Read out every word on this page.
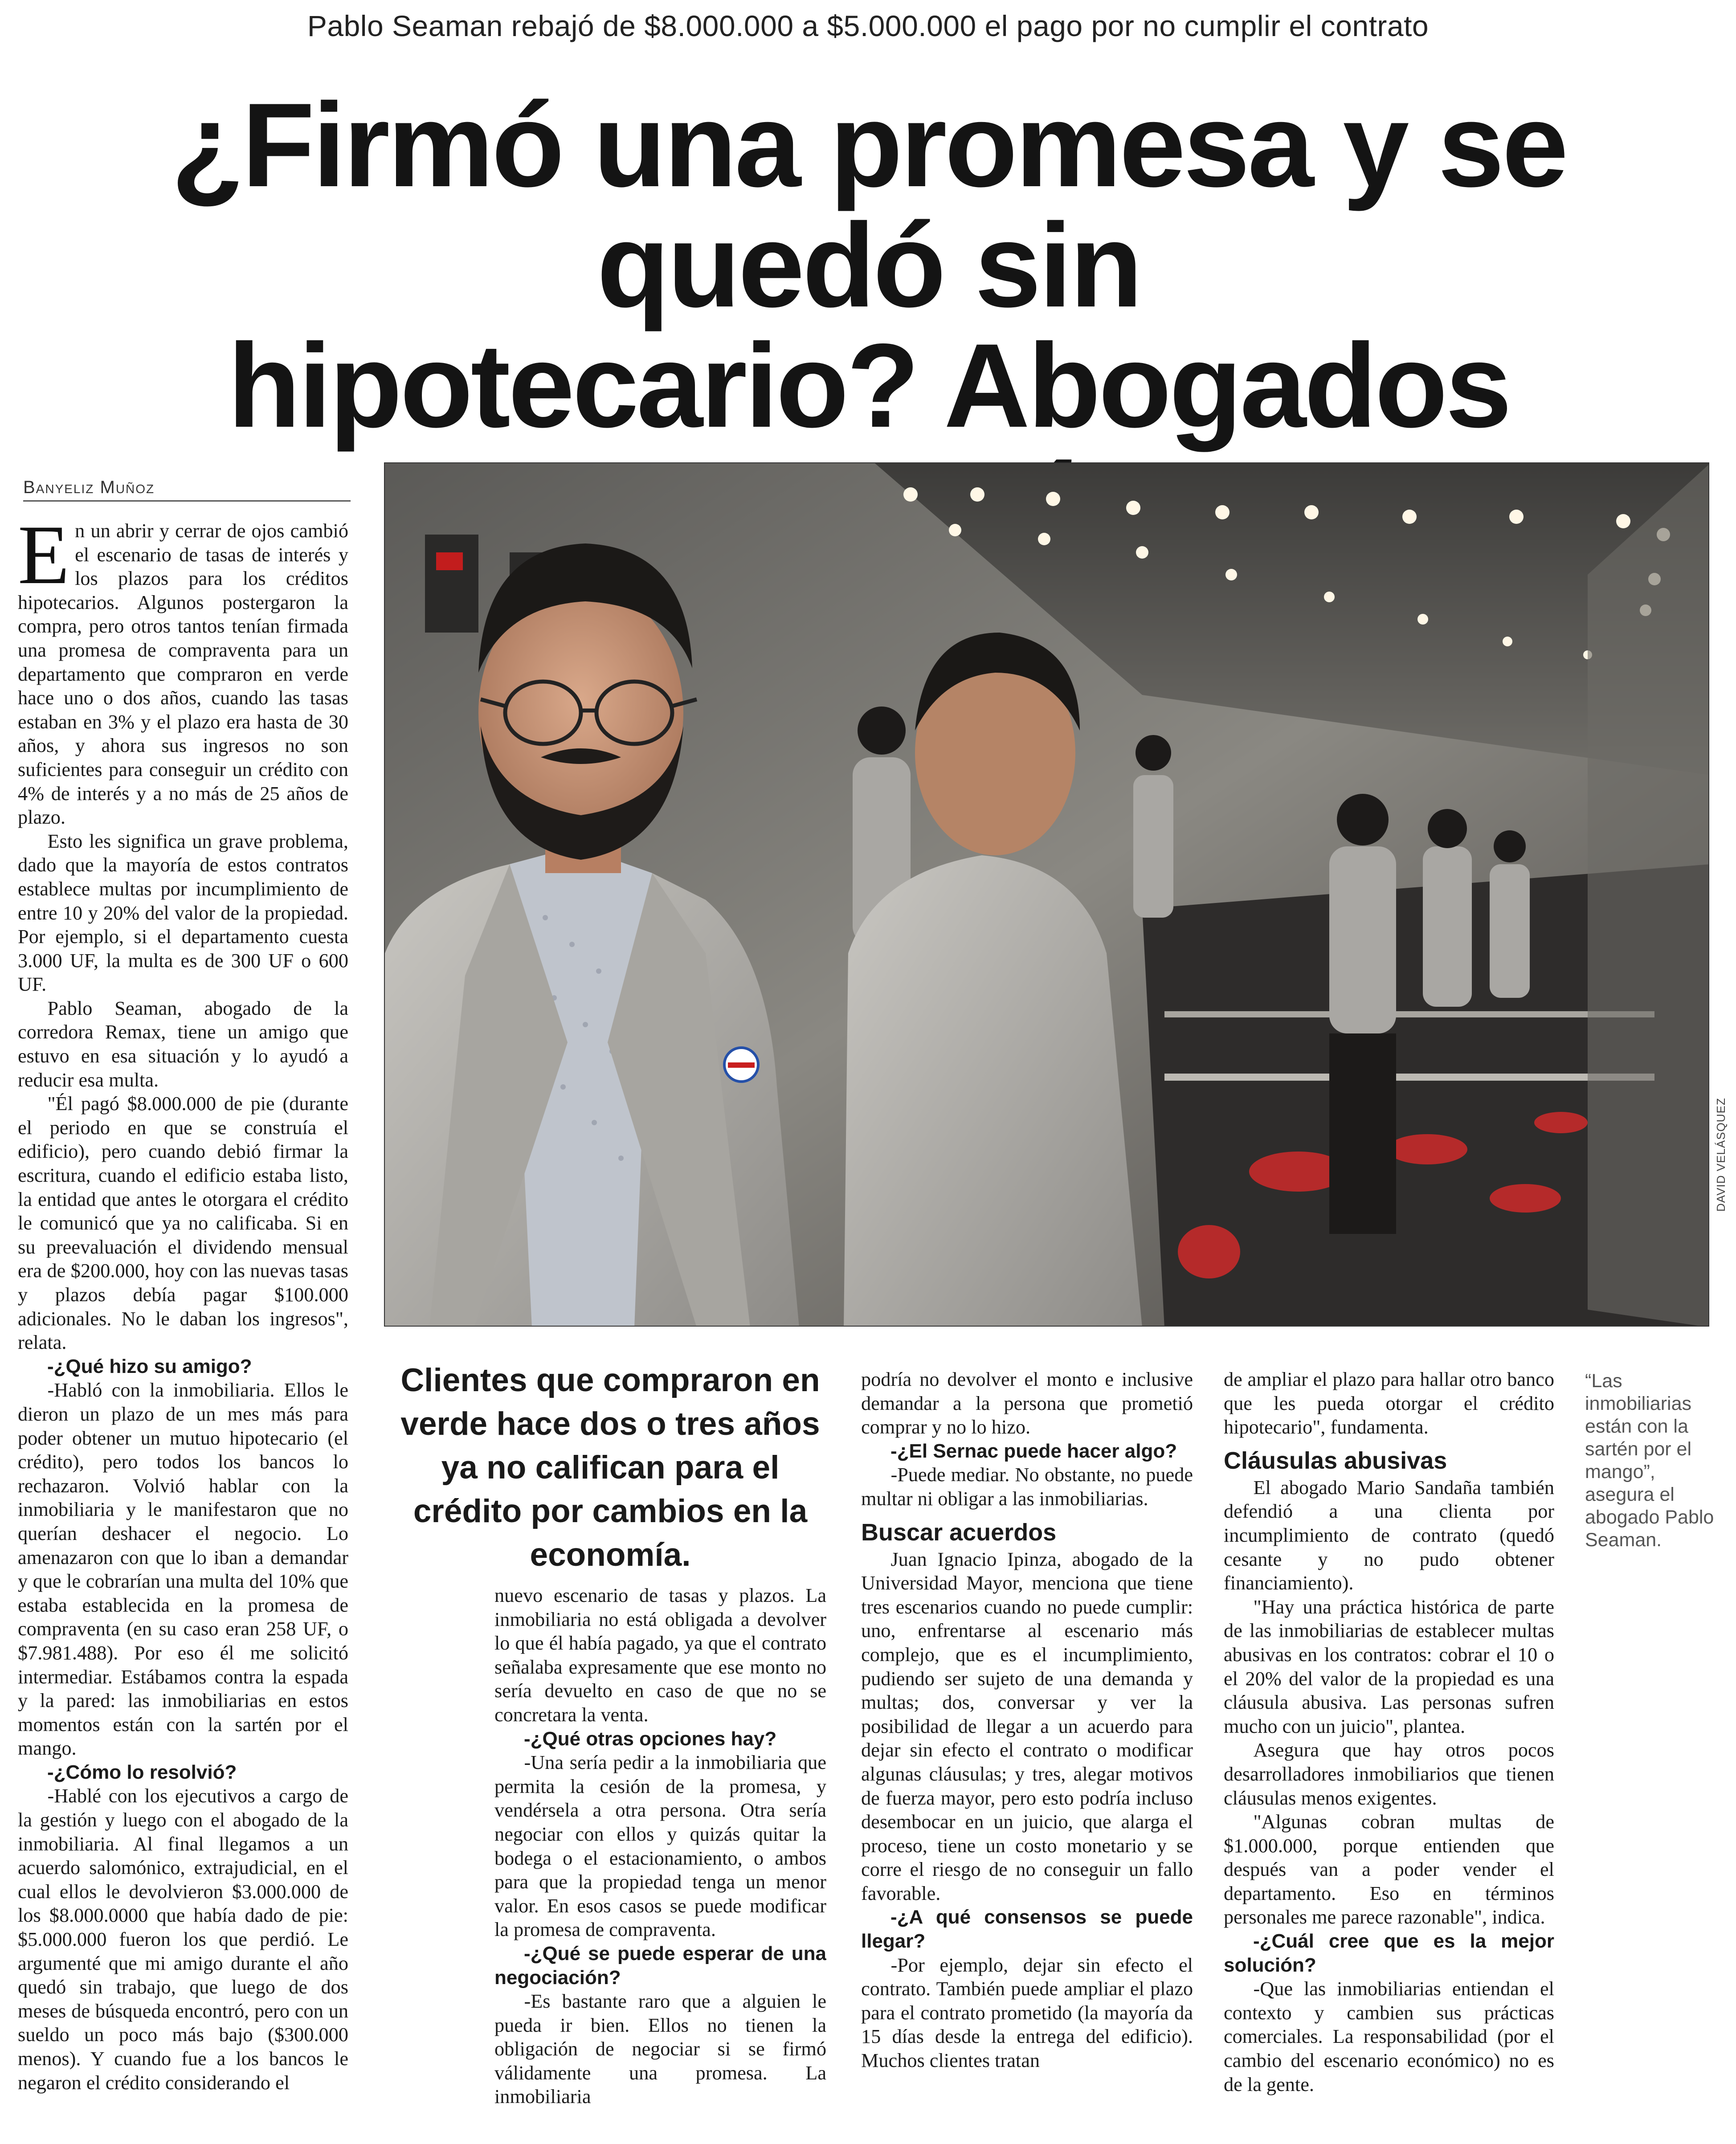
Pablo Seaman rebajó de $8.000.000 a $5.000.000 el pago por no cumplir el contrato
¿Firmó una promesa y se quedó sin
hipotecario? Abogados
Banyeliz Muñoz
DAVID VELÁSQUEZ

En un abrir y cerrar de ojos cambió el escenario de tasas de interés y los plazos para los créditos hipotecarios. Algunos postergaron la compra, pero otros tantos tenían firmada una promesa de compraventa para un departamento que compraron en verde hace uno o dos años, cuando las tasas estaban en 3% y el plazo era hasta de 30 años, y ahora sus ingresos no son suficientes para conseguir un crédito con 4% de interés y a no más de 25 años de plazo.

Esto les significa un grave problema, dado que la mayoría de estos contratos establece multas por incumplimiento de entre 10 y 20% del valor de la propiedad. Por ejemplo, si el departamento cuesta 3.000 UF, la multa es de 300 UF o 600 UF.

Pablo Seaman, abogado de la corredora Remax, tiene un amigo que estuvo en esa situación y lo ayudó a reducir esa multa.

"Él pagó $8.000.000 de pie (durante el periodo en que se construía el edificio), pero cuando debió firmar la escritura, cuando el edificio estaba listo, la entidad que antes le otorgara el crédito le comunicó que ya no calificaba. Si en su preevaluación el dividendo mensual era de $200.000, hoy con las nuevas tasas y plazos debía pagar $100.000 adicionales. No le daban los ingresos", relata.

-¿Qué hizo su amigo?

-Habló con la inmobiliaria. Ellos le dieron un plazo de un mes más para poder obtener un mutuo hipotecario (el crédito), pero todos los bancos lo rechazaron. Volvió hablar con la inmobiliaria y le manifestaron que no querían deshacer el negocio. Lo amenazaron con que lo iban a demandar y que le cobrarían una multa del 10% que estaba establecida en la promesa de compraventa (en su caso eran 258 UF, o $7.981.488). Por eso él me solicitó intermediar. Estábamos contra la espada y la pared: las inmobiliarias en estos momentos están con la sartén por el mango.

-¿Cómo lo resolvió?

-Hablé con los ejecutivos a cargo de la gestión y luego con el abogado de la inmobiliaria. Al final llegamos a un acuerdo salomónico, extrajudicial, en el cual ellos le devolvieron $3.000.000 de los $8.000.0000 que había dado de pie: $5.000.000 fueron los que perdió. Le argumenté que mi amigo durante el año quedó sin trabajo, que luego de dos meses de búsqueda encontró, pero con un sueldo un poco más bajo ($300.000 menos). Y cuando fue a los bancos le negaron el crédito considerando el

Clientes que compraron en verde hace dos o tres años ya no califican para el crédito por cambios en la economía.

nuevo escenario de tasas y plazos. La inmobiliaria no está obligada a devolver lo que él había pagado, ya que el contrato señalaba expresamente que ese monto no sería devuelto en caso de que no se concretara la venta.

-¿Qué otras opciones hay?

-Una sería pedir a la inmobiliaria que permita la cesión de la promesa, y vendérsela a otra persona. Otra sería negociar con ellos y quizás quitar la bodega o el estacionamiento, o ambos para que la propiedad tenga un menor valor. En esos casos se puede modificar la promesa de compraventa.

-¿Qué se puede esperar de una negociación?

-Es bastante raro que a alguien le pueda ir bien. Ellos no tienen la obligación de negociar si se firmó válidamente una promesa. La inmobiliaria

podría no devolver el monto e inclusive demandar a la persona que prometió comprar y no lo hizo.

-¿El Sernac puede hacer algo?

-Puede mediar. No obstante, no puede multar ni obligar a las inmobiliarias.

Buscar acuerdos

Juan Ignacio Ipinza, abogado de la Universidad Mayor, menciona que tiene tres escenarios cuando no puede cumplir: uno, enfrentarse al escenario más complejo, que es el incumplimiento, pudiendo ser sujeto de una demanda y multas; dos, conversar y ver la posibilidad de llegar a un acuerdo para dejar sin efecto el contrato o modificar algunas cláusulas; y tres, alegar motivos de fuerza mayor, pero esto podría incluso desembocar en un juicio, que alarga el proceso, tiene un costo monetario y se corre el riesgo de no conseguir un fallo favorable.

-¿A qué consensos se puede llegar?

-Por ejemplo, dejar sin efecto el contrato. También puede ampliar el plazo para el contrato prometido (la mayoría da 15 días desde la entrega del edificio). Muchos clientes tratan

de ampliar el plazo para hallar otro banco que les pueda otorgar el crédito hipotecario", fundamenta.

Cláusulas abusivas

El abogado Mario Sandaña también defendió a una clienta por incumplimiento de contrato (quedó cesante y no pudo obtener financiamiento).

"Hay una práctica histórica de parte de las inmobiliarias de establecer multas abusivas en los contratos: cobrar el 10 o el 20% del valor de la propiedad es una cláusula abusiva. Las personas sufren mucho con un juicio", plantea.

Asegura que hay otros pocos desarrolladores inmobiliarios que tienen cláusulas menos exigentes.

"Algunas cobran multas de $1.000.000, porque entienden que después van a poder vender el departamento. Eso en términos personales me parece razonable", indica.

-¿Cuál cree que es la mejor solución?

-Que las inmobiliarias entiendan el contexto y cambien sus prácticas comerciales. La responsabilidad (por el cambio del escenario económico) no es de la gente.

“Las inmobiliarias están con la sartén por el mango”, asegura el abogado Pablo Seaman.
